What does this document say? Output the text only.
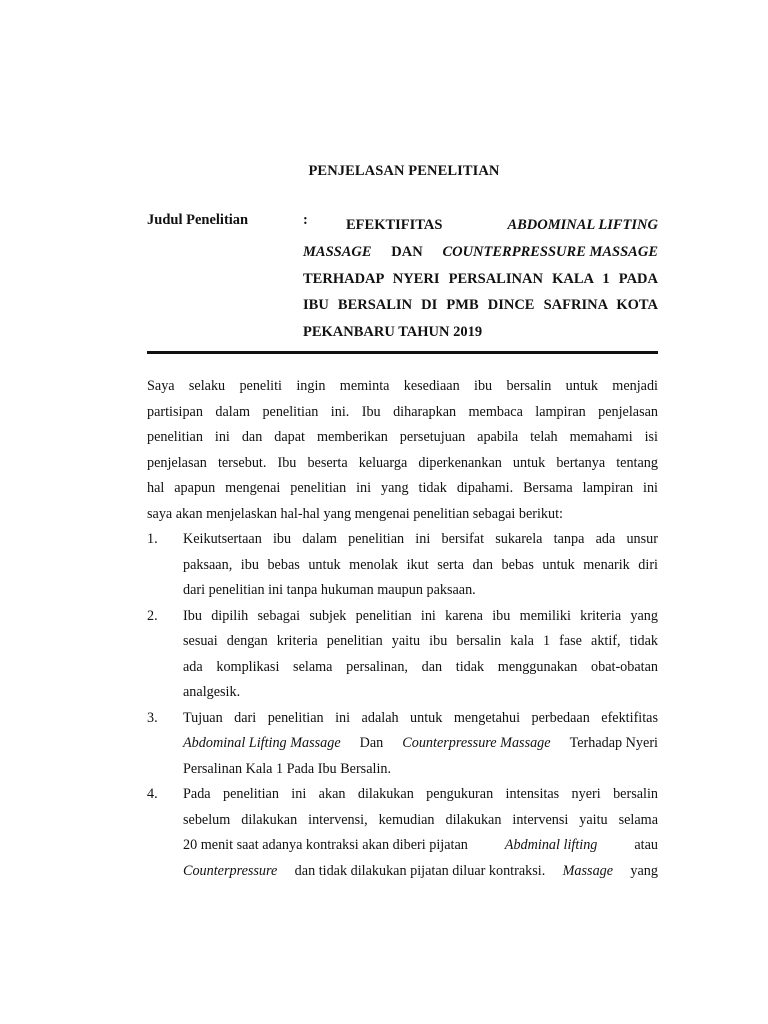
PENJELASAN PENELITIAN
Judul Penelitian	:	EFEKTIFITAS	ABDOMINAL LIFTING
MASSAGE DAN COUNTERPRESSURE MASSAGE
TERHADAP NYERI PERSALINAN KALA 1 PADA
IBU BERSALIN DI PMB DINCE SAFRINA KOTA
PEKANBARU TAHUN 2019
Saya selaku peneliti ingin meminta kesediaan ibu bersalin untuk menjadi
partisipan dalam penelitian ini. Ibu diharapkan membaca lampiran penjelasan
penelitian ini dan dapat memberikan persetujuan apabila telah memahami isi
penjelasan tersebut. Ibu beserta keluarga diperkenankan untuk bertanya tentang
hal apapun mengenai penelitian ini yang tidak dipahami. Bersama lampiran ini
saya akan menjelaskan hal-hal yang mengenai penelitian sebagai berikut:
1. Keikutsertaan ibu dalam penelitian ini bersifat sukarela tanpa ada unsur
paksaan, ibu bebas untuk menolak ikut serta dan bebas untuk menarik diri
dari penelitian ini tanpa hukuman maupun paksaan.
2. Ibu dipilih sebagai subjek penelitian ini karena ibu memiliki kriteria yang
sesuai dengan kriteria penelitian yaitu ibu bersalin kala 1 fase aktif, tidak
ada komplikasi selama persalinan, dan tidak menggunakan obat-obatan
analgesik.
3. Tujuan dari penelitian ini adalah untuk mengetahui perbedaan efektifitas
Abdominal Lifting Massage Dan Counterpressure Massage Terhadap Nyeri
Persalinan Kala 1 Pada Ibu Bersalin.
4. Pada penelitian ini akan dilakukan pengukuran intensitas nyeri bersalin
sebelum dilakukan intervensi, kemudian dilakukan intervensi yaitu selama
20 menit saat adanya kontraksi akan diberi pijatan	Abdminal lifting	atau
Counterpressure dan tidak dilakukan pijatan diluar kontraksi. Massage yang
